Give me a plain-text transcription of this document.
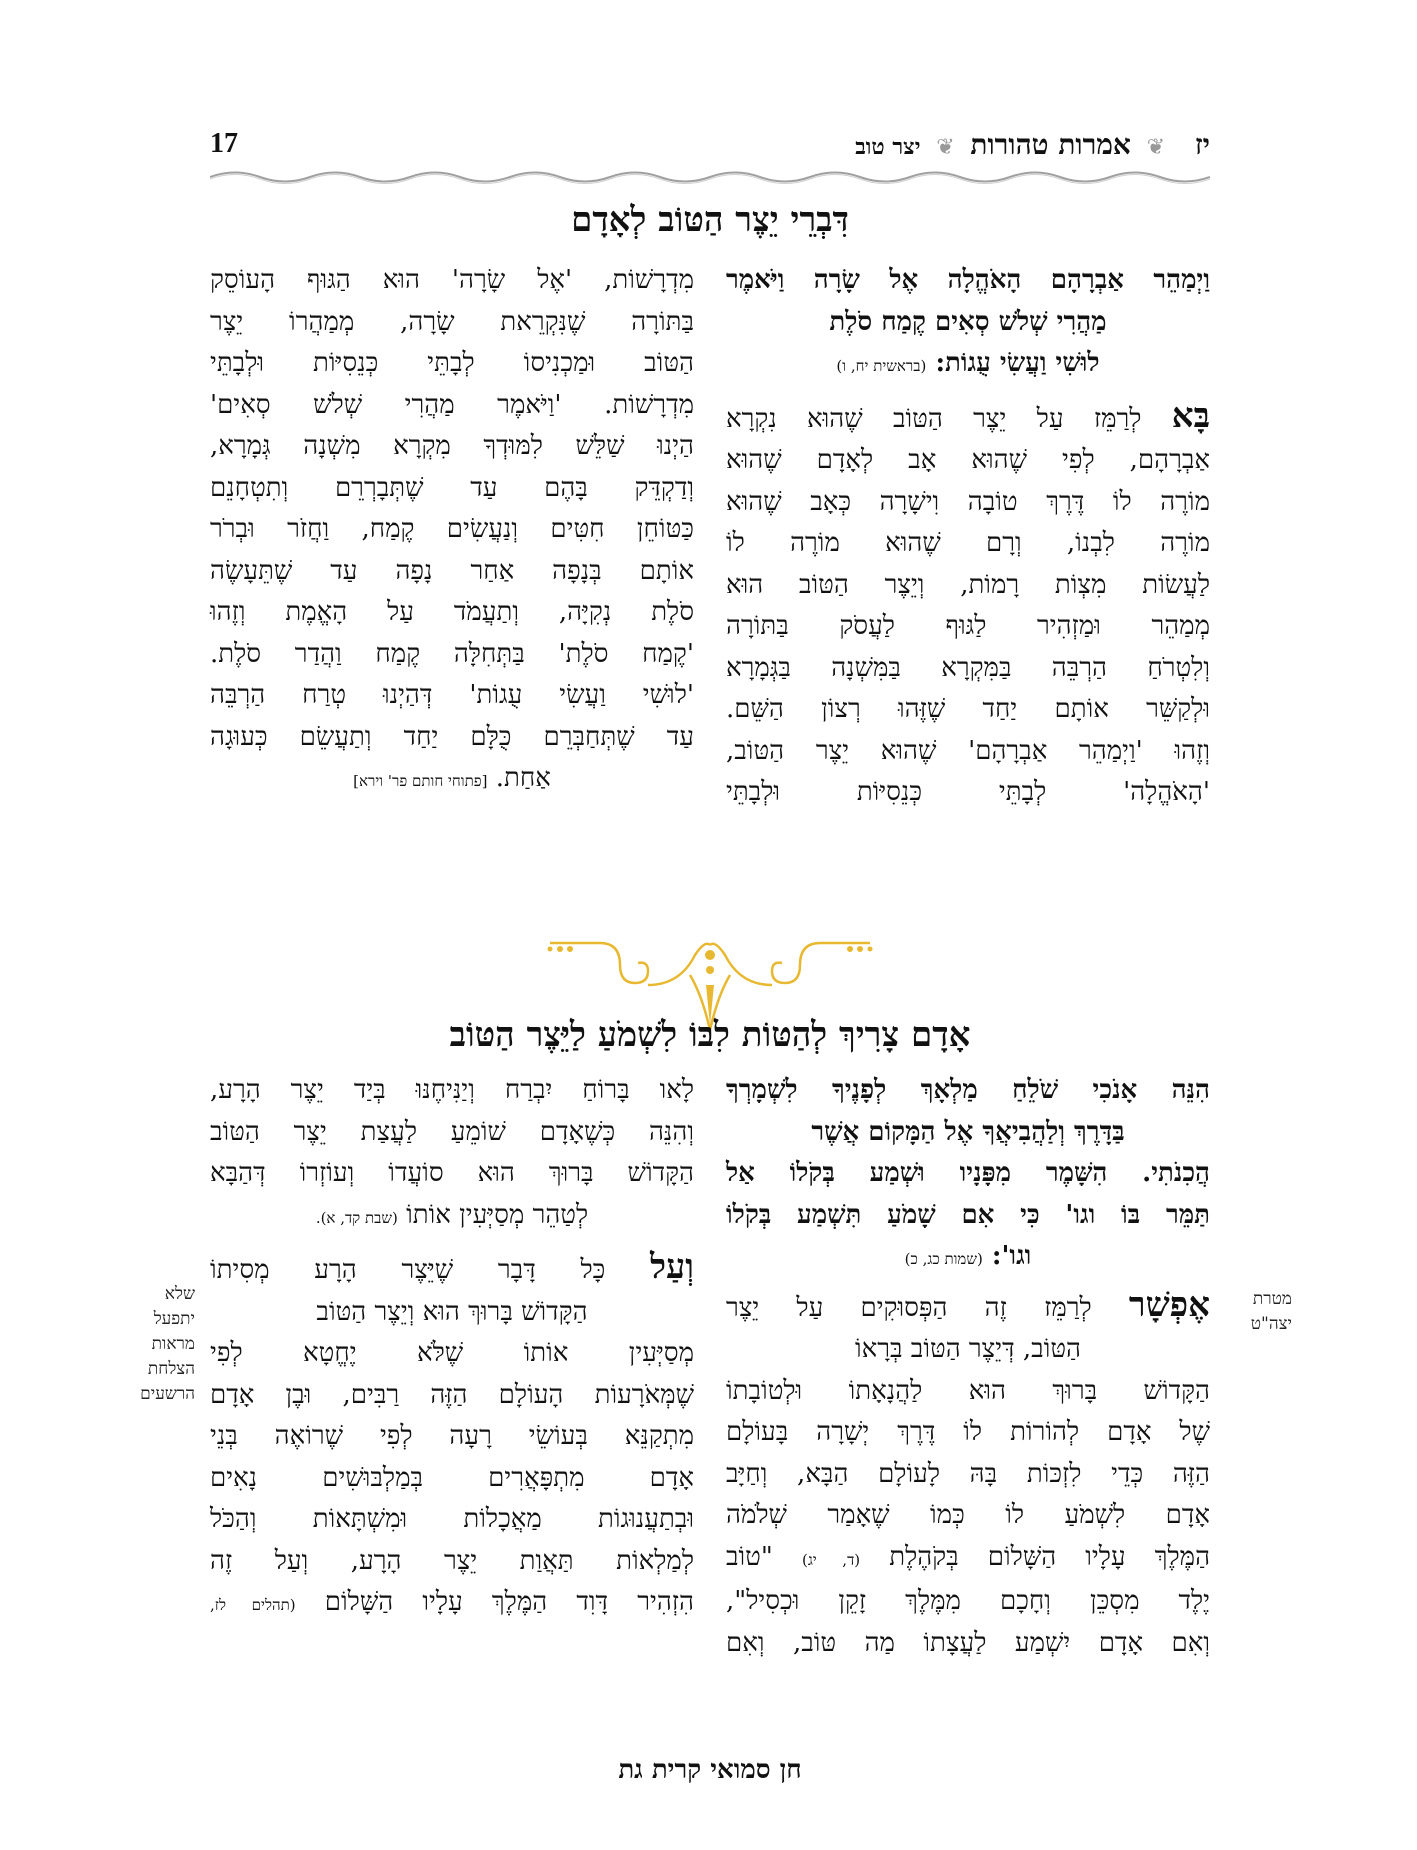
יז ❦ אמרות טהורות ❦ יצר טוב
17
דִּבְרֵי יֵצֶר הַטּוֹב לְאָדָם
וַיְמַהֵר אַבְרָהָם הָאֹהֱלָה אֶל שָׂרָה וַיֹּאמֶר
מַהֲרִי שְׁלֹשׁ סְאִים קֶמַח סֹלֶת
לוּשִׁי וַעֲשִׂי עֻגוֹת: (בראשית יח, ו)
בָּא לְרַמֵּז עַל יֵצֶר הַטּוֹב שֶׁהוּא נִקְרָא
אַבְרָהָם, לְפִי שֶׁהוּא אָב לְאָדָם שֶׁהוּא
מוֹרֶה לוֹ דֶּרֶךְ טוֹבָה וִישָׁרָה כְּאָב שֶׁהוּא
מוֹרֶה לִבְנוֹ, וְרָם שֶׁהוּא מוֹרֶה לוֹ
לַעֲשׂוֹת מִצְוֹת רָמוֹת, וְיֵצֶר הַטּוֹב הוּא
מְמַהֵר וּמַזְהִיר לַגּוּף לַעֲסֹק בַּתּוֹרָה
וְלִטְרֹחַ הַרְבֵּה בַּמִּקְרָא בַּמִּשְׁנָה בַּגְּמָרָא
וּלְקַשֵּׁר אוֹתָם יַחַד שֶׁזֶּהוּ רְצוֹן הַשֵּׁם.
וְזֶהוּ 'וַיְמַהֵר אַבְרָהָם' שֶׁהוּא יֵצֶר הַטּוֹב,
'הָאֹהֱלָה' לְבָתֵּי כְּנֵסִיּוֹת וּלְבָתֵּי
מִדְרָשׁוֹת, 'אֶל שָׂרָה' הוּא הַגּוּף הָעוֹסֵק
בַּתּוֹרָה שֶׁנִּקְרֵאת שָׂרָה, מְמַהֲרוֹ יֵצֶר
הַטּוֹב וּמַכְנִיסוֹ לְבָתֵּי כְּנֵסִיּוֹת וּלְבָתֵּי
מִדְרָשׁוֹת. 'וַיֹּאמֶר מַהֲרִי שְׁלֹשׁ סְאִים'
הַיְנוּ שַׁלֵּשׁ לִמּוּדְךָ מִקְרָא מִשְׁנָה גְּמָרָא,
וְדַקְדֵּק בָּהֶם עַד שֶׁתְּבָרְרֵם וְתִטְחָנֵם
כַּטּוֹחֵן חִטִּים וְנַעֲשִׂים קֶמַח, וַחֲזֹר וּבְרֹר
אוֹתָם בְּנָפָה אַחַר נָפָה עַד שֶׁתֵּעָשֶׂה
סֹלֶת נְקִיָּה, וְתַעֲמֹד עַל הָאֱמֶת וְזֶהוּ
'קֶמַח סֹלֶת' בַּתְּחִלָּה קֶמַח וַהֲדַר סֹלֶת.
'לוּשִׁי וַעֲשִׂי עֻגוֹת' דְּהַיְנוּ טְרַח הַרְבֵּה
עַד שֶׁתְּחַבְּרֵם כֻּלָּם יַחַד וְתַעֲשֵׂם כְּעוּגָה
אַחַת. [פתוחי חותם פר' וירא]
אָדָם צָרִיךְ לְהַטּוֹת לִבּוֹ לִשְׁמֹעַ לַיֵּצֶר הַטּוֹב
הִנֵּה אָנֹכִי שֹׁלֵחַ מַלְאָךְ לְפָנֶיךָ לִשְׁמָרְךָ
בַּדָּרֶךְ וְלַהֲבִיאֲךָ אֶל הַמָּקוֹם אֲשֶׁר
הֲכִנֹתִי. הִשָּׁמֶר מִפָּנָיו וּשְׁמַע בְּקֹלוֹ אַל
תַּמֵּר בּוֹ וגו' כִּי אִם שָׁמֹעַ תִּשְׁמַע בְּקֹלוֹ
וגו': (שמות כג, כ)
אֶפְשָׁר לְרַמֵּז זֶה הַפְּסוּקִים עַל יֵצֶר
הַטּוֹב, דְּיֵצֶר הַטּוֹב בְּרָאוֹ
הַקָּדוֹשׁ בָּרוּךְ הוּא לַהֲנָאָתוֹ וּלְטוֹבָתוֹ
שֶׁל אָדָם לְהוֹרוֹת לוֹ דֶּרֶךְ יְשָׁרָה בָּעוֹלָם
הַזֶּה כְּדֵי לִזְכּוֹת בָּהּ לָעוֹלָם הַבָּא, וְחַיָּב
אָדָם לִשְׁמֹעַ לוֹ כְּמוֹ שֶׁאָמַר שְׁלֹמֹה
הַמֶּלֶךְ עָלָיו הַשָּׁלוֹם בְּקֹהֶלֶת (ד, יג) "טוֹב
יֶלֶד מִסְכֵּן וְחָכָם מִמֶּלֶךְ זָקֵן וּכְסִיל",
וְאִם אָדָם יִשְׁמַע לַעֲצָתוֹ מַה טּוֹב, וְאִם
מטרת
יצה"ט
לָאו בָּרוֹחַ יִבְרַח וְיַנִּיחֶנּוּ בְּיַד יֵצֶר הָרָע,
וְהִנֵּה כְּשֶׁאָדָם שׁוֹמֵעַ לַעֲצַת יֵצֶר הַטּוֹב
הַקָּדוֹשׁ בָּרוּךְ הוּא סוֹעֲדוֹ וְעוֹזְרוֹ דְּהַבָּא
לְטַהֵר מְסַיְּעִין אוֹתוֹ (שבת קד, א).
וְעַל כָּל דָּבָר שֶׁיֵּצֶר הָרָע מְסִיתוֹ
הַקָּדוֹשׁ בָּרוּךְ הוּא וְיֵצֶר הַטּוֹב
מְסַיְּעִין אוֹתוֹ שֶׁלֹּא יֶחֱטָא לְפִי
שֶׁמְּאֹרָעוֹת הָעוֹלָם הַזֶּה רַבִּים, וּבֶן אָדָם
מִתְקַנֵּא בְּעוֹשֵׂי רָעָה לְפִי שֶׁרוֹאֶה בְּנֵי
אָדָם מִתְפָּאֲרִים בְּמַלְבּוּשִׁים נָאִים
וּבְתַעֲנוּגוֹת מַאֲכָלוֹת וּמִשְׁתָּאוֹת וְהַכֹּל
לְמַלְאוֹת תַּאֲוַת יֵצֶר הָרָע, וְעַל זֶה
הִזְהִיר דָּוִד הַמֶּלֶךְ עָלָיו הַשָּׁלוֹם (תהלים לז,
שלא
יתפעל
מראות
הצלחת
הרשעים
חן סמואי קרית גת
